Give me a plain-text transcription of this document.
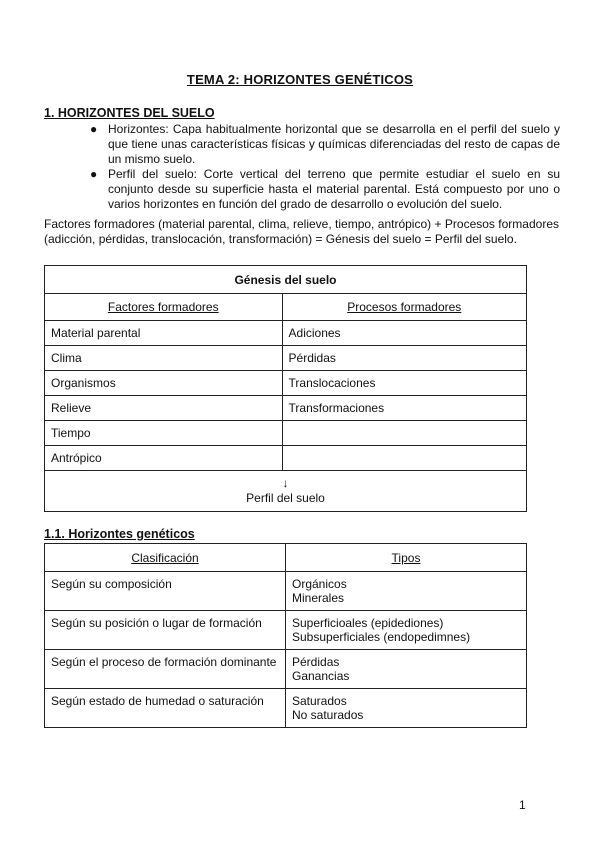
TEMA 2: HORIZONTES GENÉTICOS
1. HORIZONTES DEL SUELO
● Horizontes: Capa habitualmente horizontal que se desarrolla en el perfil del suelo y que tiene unas características físicas y químicas diferenciadas del resto de capas de un mismo suelo.
● Perfil del suelo: Corte vertical del terreno que permite estudiar el suelo en su conjunto desde su superficie hasta el material parental. Está compuesto por uno o varios horizontes en función del grado de desarrollo o evolución del suelo.
Factores formadores (material parental, clima, relieve, tiempo, antrópico) + Procesos formadores (adicción, pérdidas, translocación, transformación) = Génesis del suelo = Perfil del suelo.
Génesis del suelo	
Factores formadores	Procesos formadores
Material parental	Adiciones
Clima	Pérdidas
Organismos	Translocaciones
Relieve	Transformaciones
Tiempo	
Antrópico	

↓
Perfil del suelo	
1.1. Horizontes genéticos
Clasificación	Tipos
Según su composición	Orgánicos
Minerales

Según su posición o lugar de formación	Superficioales (epidediones)
Subsuperficiales (endopedimnes)

Según el proceso de formación dominante	Pérdidas
Ganancias

Según estado de humedad o saturación	Saturados
No saturados
1
